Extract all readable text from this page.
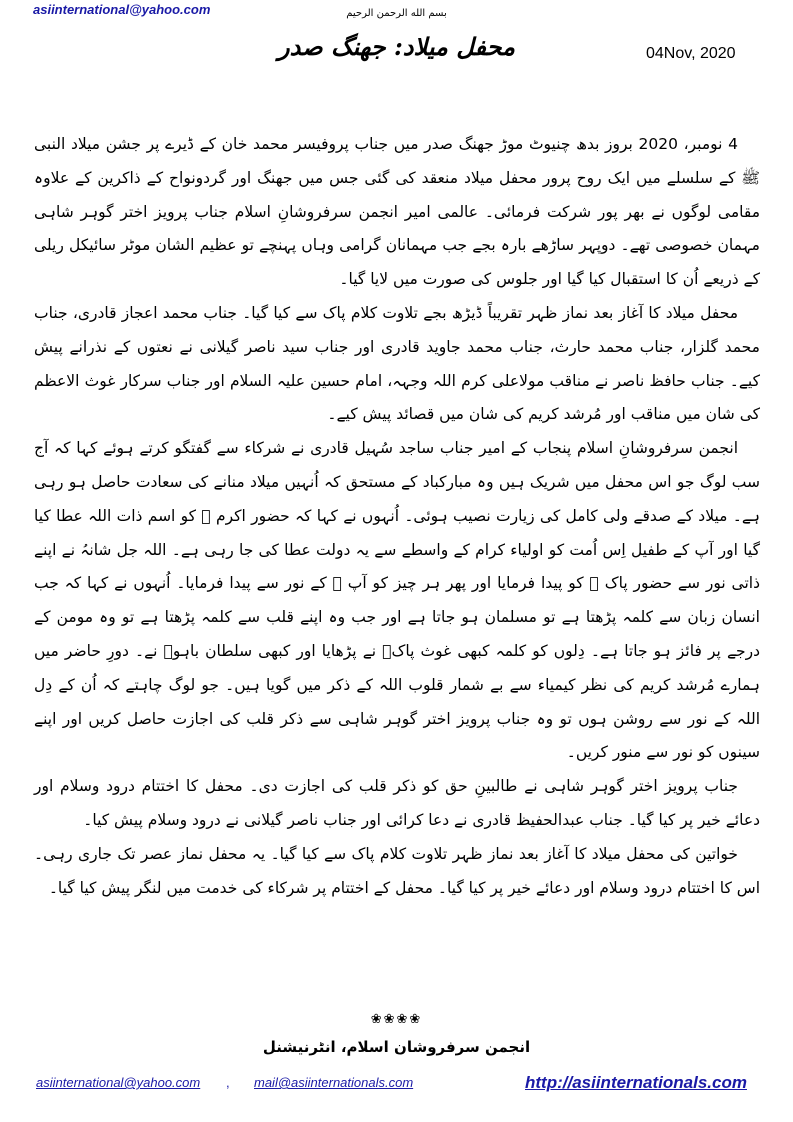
asiinternational@yahoo.com	بسم الله الرحمن الرحیم
محفل میلاد: جھنگ صدر	04Nov, 2020

4 نومبر، 2020 بروز بدھ چنیوٹ موڑ جھنگ صدر میں جناب پروفیسر محمد خان کے ڈیرے پر جشن میلاد النبی ﷺ کے سلسلے میں ایک روح پرور محفل میلاد منعقد کی گئی جس میں جھنگ اور گردونواح کے ذاکرین کے علاوہ مقامی لوگوں نے بھر پور شرکت فرمائی۔ عالمی امیر انجمن سرفروشانِ اسلام جناب پرویز اختر گوہر شاہی مہمان خصوصی تھے۔ دوپہر ساڑھے بارہ بجے جب مہمانان گرامی وہاں پہنچے تو عظیم الشان موٹر سائیکل ریلی کے ذریعے اُن کا استقبال کیا گیا اور جلوس کی صورت میں لایا گیا۔

محفل میلاد کا آغاز بعد نماز ظہر تقریباً ڈیڑھ بجے تلاوت کلام پاک سے کیا گیا۔ جناب محمد اعجاز قادری، جناب محمد گلزار، جناب محمد حارث، جناب محمد جاوید قادری اور جناب سید ناصر گیلانی نے نعتوں کے نذرانے پیش کیے۔ جناب حافظ ناصر نے مناقب مولاعلی کرم اللہ وجہہ، امام حسین علیہ السلام اور جناب سرکار غوث الاعظم کی شان میں مناقب اور مُرشد کریم کی شان میں قصائد پیش کیے۔

انجمن سرفروشانِ اسلام پنجاب کے امیر جناب ساجد سُہیل قادری نے شرکاء سے گفتگو کرتے ہوئے کہا کہ آج سب لوگ جو اس محفل میں شریک ہیں وہ مبارکباد کے مستحق کہ اُنہیں میلاد منانے کی سعادت حاصل ہو رہی ہے۔ میلاد کے صدقے ولی کامل کی زیارت نصیب ہوئی۔ اُنہوں نے کہا کہ حضور اکرم ﷺ کو اسم ذات اللہ عطا کیا گیا اور آپ کے طفیل اِس اُمت کو اولیاء کرام کے واسطے سے یہ دولت عطا کی جا رہی ہے۔ اللہ جل شانہُ نے اپنے ذاتی نور سے حضور پاک ﷺ کو پیدا فرمایا اور پھر ہر چیز کو آپ ﷺ کے نور سے پیدا فرمایا۔ اُنہوں نے کہا کہ جب انسان زبان سے کلمہ پڑھتا ہے تو مسلمان ہو جاتا ہے اور جب وہ اپنے قلب سے کلمہ پڑھتا ہے تو وہ مومن کے درجے پر فائز ہو جاتا ہے۔ دِلوں کو کلمہ کبھی غوث پاکؓ نے پڑھایا اور کبھی سلطان باہوؒ نے۔ دورِ حاضر میں ہمارے مُرشد کریم کی نظر کیمیاء سے بے شمار قلوب اللہ کے ذکر میں گویا ہیں۔ جو لوگ چاہتے کہ اُن کے دِل اللہ کے نور سے روشن ہوں تو وہ جناب پرویز اختر گوہر شاہی سے ذکر قلب کی اجازت حاصل کریں اور اپنے سینوں کو نور سے منور کریں۔

جناب پرویز اختر گوہر شاہی نے طالبینِ حق کو ذکر قلب کی اجازت دی۔ محفل کا اختتام درود وسلام اور دعائے خیر پر کیا گیا۔ جناب عبدالحفیظ قادری نے دعا کرائی اور جناب ناصر گیلانی نے درود وسلام پیش کیا۔

خواتین کی محفل میلاد کا آغاز بعد نماز ظہر تلاوت کلام پاک سے کیا گیا۔ یہ محفل نماز عصر تک جاری رہی۔ اس کا اختتام درود وسلام اور دعائے خیر پر کیا گیا۔ محفل کے اختتام پر شرکاء کی خدمت میں لنگر پیش کیا گیا۔

❀❀❀❀
انجمن سرفروشان اسلام، انٹرنیشنل
asiinternational@yahoo.com , mail@asiinternationals.com	http://asiinternationals.com
